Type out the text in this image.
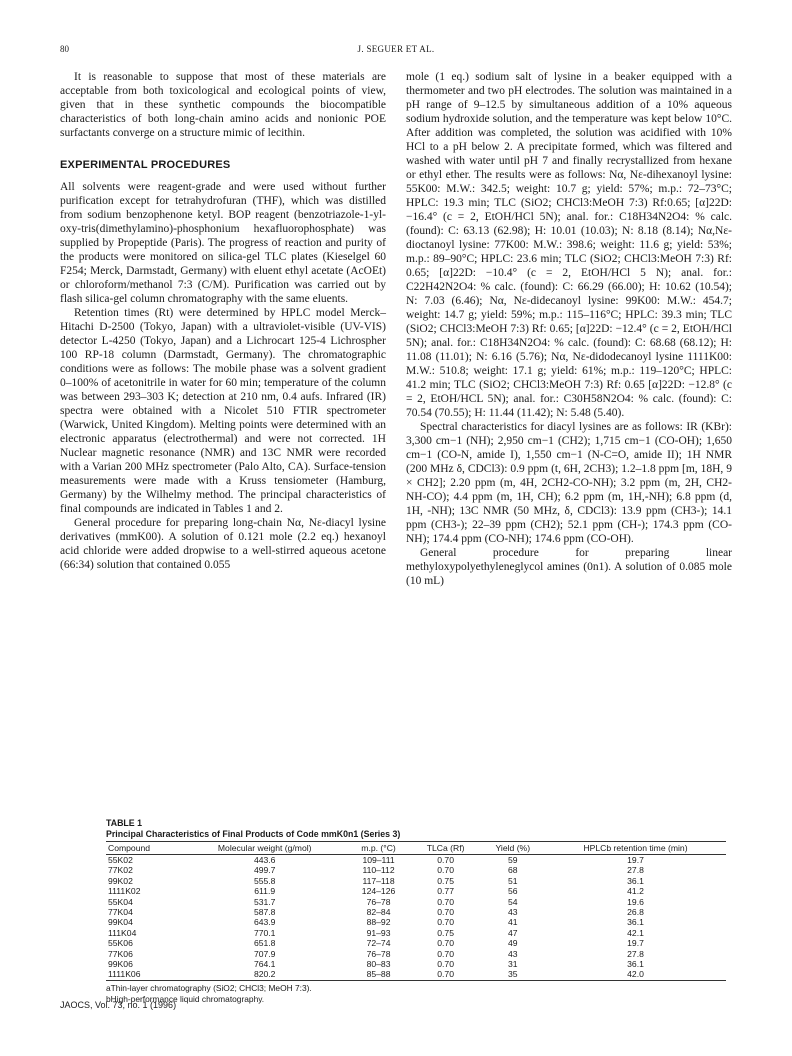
80	J. SEGUER ET AL.

It is reasonable to suppose that most of these materials are acceptable from both toxicological and ecological points of view, given that in these synthetic compounds the biocompatible characteristics of both long-chain amino acids and nonionic POE surfactants converge on a structure mimic of lecithin.

EXPERIMENTAL PROCEDURES

All solvents were reagent-grade and were used without further purification except for tetrahydrofuran (THF), which was distilled from sodium benzophenone ketyl. BOP reagent (benzotriazole-1-yl-oxy-tris(dimethylamino)-phosphonium hexafluorophosphate) was supplied by Propeptide (Paris). The progress of reaction and purity of the products were monitored on silica-gel TLC plates (Kieselgel 60 F254; Merck, Darmstadt, Germany) with eluent ethyl acetate (AcOEt) or chloroform/methanol 7:3 (C/M). Purification was carried out by flash silica-gel column chromatography with the same eluents.

Retention times (Rt) were determined by HPLC model Merck–Hitachi D-2500 (Tokyo, Japan) with a ultraviolet-visible (UV-VIS) detector L-4250 (Tokyo, Japan) and a Lichrocart 125-4 Lichrospher 100 RP-18 column (Darmstadt, Germany). The chromatographic conditions were as follows: The mobile phase was a solvent gradient 0–100% of acetonitrile in water for 60 min; temperature of the column was between 293–303 K; detection at 210 nm, 0.4 aufs. Infrared (IR) spectra were obtained with a Nicolet 510 FTIR spectrometer (Warwick, United Kingdom). Melting points were determined with an electronic apparatus (electrothermal) and were not corrected. 1H Nuclear magnetic resonance (NMR) and 13C NMR were recorded with a Varian 200 MHz spectrometer (Palo Alto, CA). Surface-tension measurements were made with a Kruss tensiometer (Hamburg, Germany) by the Wilhelmy method. The principal characteristics of final compounds are indicated in Tables 1 and 2.

General procedure for preparing long-chain Nα, Nε-diacyl lysine derivatives (mmK00). A solution of 0.121 mole (2.2 eq.) hexanoyl acid chloride were added dropwise to a well-stirred aqueous acetone (66:34) solution that contained 0.055

mole (1 eq.) sodium salt of lysine in a beaker equipped with a thermometer and two pH electrodes. The solution was maintained in a pH range of 9–12.5 by simultaneous addition of a 10% aqueous sodium hydroxide solution, and the temperature was kept below 10°C. After addition was completed, the solution was acidified with 10% HCl to a pH below 2. A precipitate formed, which was filtered and washed with water until pH 7 and finally recrystallized from hexane or ethyl ether. The results were as follows: Nα, Nε-dihexanoyl lysine: 55K00: M.W.: 342.5; weight: 10.7 g; yield: 57%; m.p.: 72–73°C; HPLC: 19.3 min; TLC (SiO2; CHCl3:MeOH 7:3) Rf:0.65; [α]22D: −16.4° (c = 2, EtOH/HCl 5N); anal. for.: C18H34N2O4: % calc. (found): C: 63.13 (62.98); H: 10.01 (10.03); N: 8.18 (8.14); Nα,Nε-dioctanoyl lysine: 77K00: M.W.: 398.6; weight: 11.6 g; yield: 53%; m.p.: 89–90°C; HPLC: 23.6 min; TLC (SiO2; CHCl3:MeOH 7:3) Rf: 0.65; [α]22D: −10.4° (c = 2, EtOH/HCl 5 N); anal. for.: C22H42N2O4: % calc. (found): C: 66.29 (66.00); H: 10.62 (10.54); N: 7.03 (6.46); Nα, Nε-didecanoyl lysine: 99K00: M.W.: 454.7; weight: 14.7 g; yield: 59%; m.p.: 115–116°C; HPLC: 39.3 min; TLC (SiO2; CHCl3:MeOH 7:3) Rf: 0.65; [α]22D: −12.4° (c = 2, EtOH/HCl 5N); anal. for.: C18H34N2O4: % calc. (found): C: 68.68 (68.12); H: 11.08 (11.01); N: 6.16 (5.76); Nα, Nε-didodecanoyl lysine 1111K00: M.W.: 510.8; weight: 17.1 g; yield: 61%; m.p.: 119–120°C; HPLC: 41.2 min; TLC (SiO2; CHCl3:MeOH 7:3) Rf: 0.65 [α]22D: −12.8° (c = 2, EtOH/HCL 5N); anal. for.: C30H58N2O4: % calc. (found): C: 70.54 (70.55); H: 11.44 (11.42); N: 5.48 (5.40).

Spectral characteristics for diacyl lysines are as follows: IR (KBr): 3,300 cm−1 (NH); 2,950 cm−1 (CH2); 1,715 cm−1 (CO-OH); 1,650 cm−1 (CO-N, amide I), 1,550 cm−1 (N-C=O, amide II); 1H NMR (200 MHz δ, CDCl3): 0.9 ppm (t, 6H, 2CH3); 1.2–1.8 ppm [m, 18H, 9 × CH2]; 2.20 ppm (m, 4H, 2CH2-CO-NH); 3.2 ppm (m, 2H, CH2-NH-CO); 4.4 ppm (m, 1H, CH); 6.2 ppm (m, 1H,-NH); 6.8 ppm (d, 1H, -NH); 13C NMR (50 MHz, δ, CDCl3): 13.9 ppm (CH3-); 14.1 ppm (CH3-); 22–39 ppm (CH2); 52.1 ppm (CH-); 174.3 ppm (CO-NH); 174.4 ppm (CO-NH); 174.6 ppm (CO-OH).

General procedure for preparing linear methyloxypolyethyleneglycol amines (0n1). A solution of 0.085 mole (10 mL)

TABLE 1
Principal Characteristics of Final Products of Code mmK0n1 (Series 3)
Compound	Molecular weight (g/mol)	m.p. (°C)	TLCa (Rf)	Yield (%)	HPLCb retention time (min)
55K02	443.6	109–111	0.70	59	19.7
77K02	499.7	110–112	0.70	68	27.8
99K02	555.8	117–118	0.75	51	36.1
1111K02	611.9	124–126	0.77	56	41.2
55K04	531.7	76–78	0.70	54	19.6
77K04	587.8	82–84	0.70	43	26.8
99K04	643.9	88–92	0.70	41	36.1
111K04	770.1	91–93	0.75	47	42.1
55K06	651.8	72–74	0.70	49	19.7
77K06	707.9	76–78	0.70	43	27.8
99K06	764.1	80–83	0.70	31	36.1
1111K06	820.2	85–88	0.70	35	42.0
aThin-layer chromatography (SiO2; CHCl3; MeOH 7:3).
bHigh-performance liquid chromatography.
JAOCS, Vol. 73, no. 1 (1996)
